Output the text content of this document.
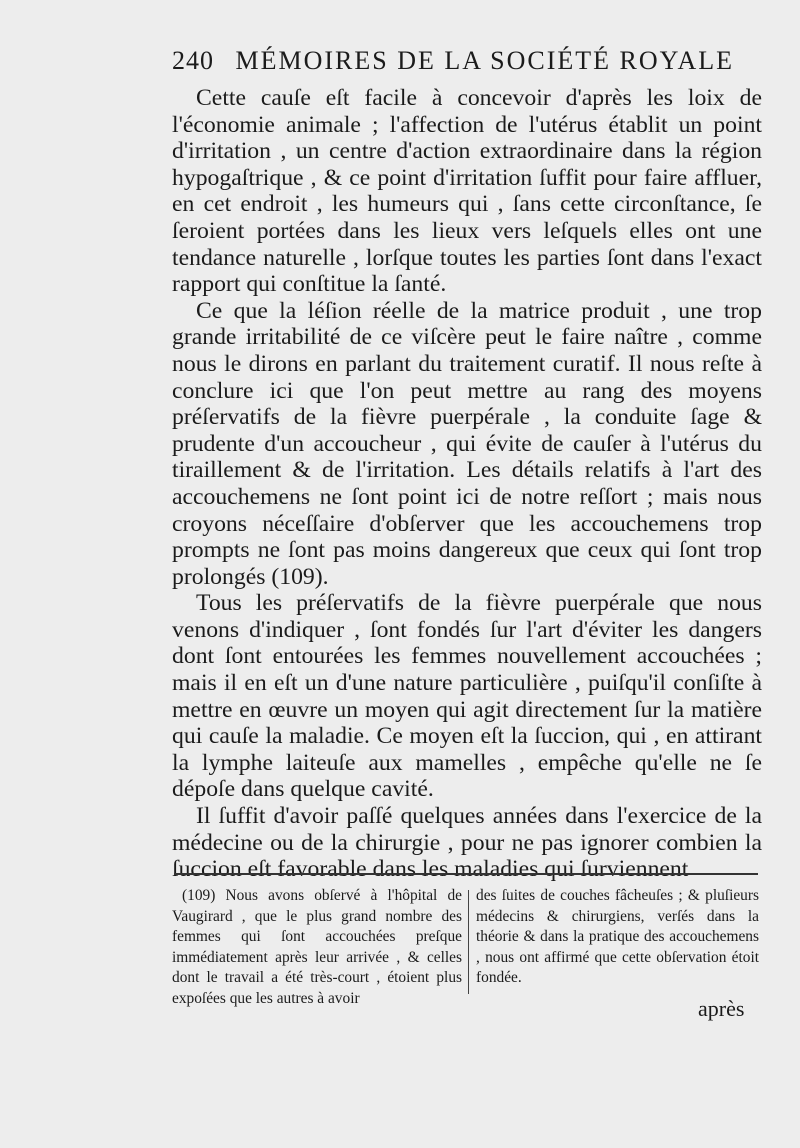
240 MÉMOIRES DE LA SOCIÉTÉ ROYALE

Cette cauſe eſt facile à concevoir d'après les loix de l'économie animale ; l'affection de l'utérus établit un point d'irritation , un centre d'action extraordinaire dans la région hypogaſtrique , & ce point d'irritation ſuffit pour faire affluer, en cet endroit , les humeurs qui , ſans cette circonſtance, ſe ſeroient portées dans les lieux vers leſquels elles ont une tendance naturelle , lorſque toutes les parties ſont dans l'exact rapport qui conſtitue la ſanté.

Ce que la léſion réelle de la matrice produit , une trop grande irritabilité de ce viſcère peut le faire naître , comme nous le dirons en parlant du traitement curatif. Il nous reſte à conclure ici que l'on peut mettre au rang des moyens préſervatifs de la fièvre puerpérale , la conduite ſage & prudente d'un accoucheur , qui évite de cauſer à l'utérus du tiraillement & de l'irritation. Les détails relatifs à l'art des accouchemens ne ſont point ici de notre reſſort ; mais nous croyons néceſſaire d'obſerver que les accouchemens trop prompts ne ſont pas moins dangereux que ceux qui ſont trop prolongés (109).

Tous les préſervatifs de la fièvre puerpérale que nous venons d'indiquer , ſont fondés ſur l'art d'éviter les dangers dont ſont entourées les femmes nouvellement accouchées ; mais il en eſt un d'une nature particulière , puiſqu'il conſiſte à mettre en œuvre un moyen qui agit directement ſur la matière qui cauſe la maladie. Ce moyen eſt la ſuccion, qui , en attirant la lymphe laiteuſe aux mamelles , empêche qu'elle ne ſe dépoſe dans quelque cavité.

Il ſuffit d'avoir paſſé quelques années dans l'exercice de la médecine ou de la chirurgie , pour ne pas ignorer combien la ſuccion eſt favorable dans les maladies qui ſurviennent

(109) Nous avons obſervé à l'hôpital de Vaugirard , que le plus grand nombre des femmes qui ſont accouchées preſque immédiatement après leur arrivée , & celles dont le travail a été très-court , étoient plus expoſées que les autres à avoir
des ſuites de couches fâcheuſes ; & pluſieurs médecins & chirurgiens, verſés dans la théorie & dans la pratique des accouchemens , nous ont affirmé que cette obſervation étoit fondée.
après
